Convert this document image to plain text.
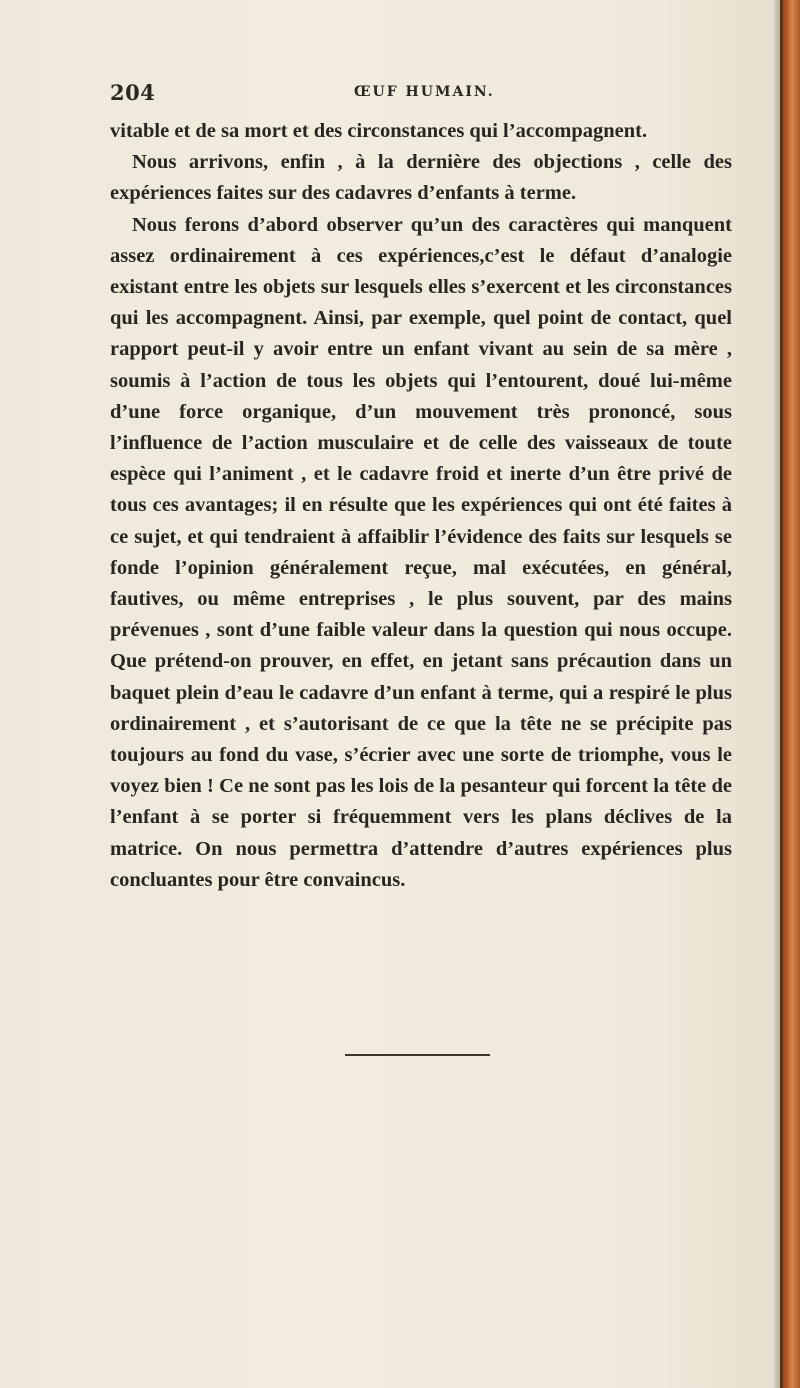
204	ŒUF HUMAIN.

vitable et de sa mort et des circonstances qui l’accompagnent.

Nous arrivons, enfin , à la dernière des objections , celle des expériences faites sur des cadavres d’enfants à terme.

Nous ferons d’abord observer qu’un des caractères qui manquent assez ordinairement à ces expériences,c’est le défaut d’analogie existant entre les objets sur lesquels elles s’exercent et les circonstances qui les accompagnent. Ainsi, par exemple, quel point de contact, quel rapport peut-il y avoir entre un enfant vivant au sein de sa mère , soumis à l’action de tous les objets qui l’entourent, doué lui-même d’une force organique, d’un mouvement très prononcé, sous l’influence de l’action musculaire et de celle des vaisseaux de toute espèce qui l’animent , et le cadavre froid et inerte d’un être privé de tous ces avantages; il en résulte que les expériences qui ont été faites à ce sujet, et qui tendraient à affaiblir l’évidence des faits sur lesquels se fonde l’opinion généralement reçue, mal exécutées, en général, fautives, ou même entreprises , le plus souvent, par des mains prévenues , sont d’une faible valeur dans la question qui nous occupe. Que prétend-on prouver, en effet, en jetant sans précaution dans un baquet plein d’eau le cadavre d’un enfant à terme, qui a respiré le plus ordinairement , et s’autorisant de ce que la tête ne se précipite pas toujours au fond du vase, s’écrier avec une sorte de triomphe, vous le voyez bien ! Ce ne sont pas les lois de la pesanteur qui forcent la tête de l’enfant à se porter si fréquemment vers les plans déclives de la matrice. On nous permettra d’attendre d’autres expériences plus concluantes pour être convaincus.
